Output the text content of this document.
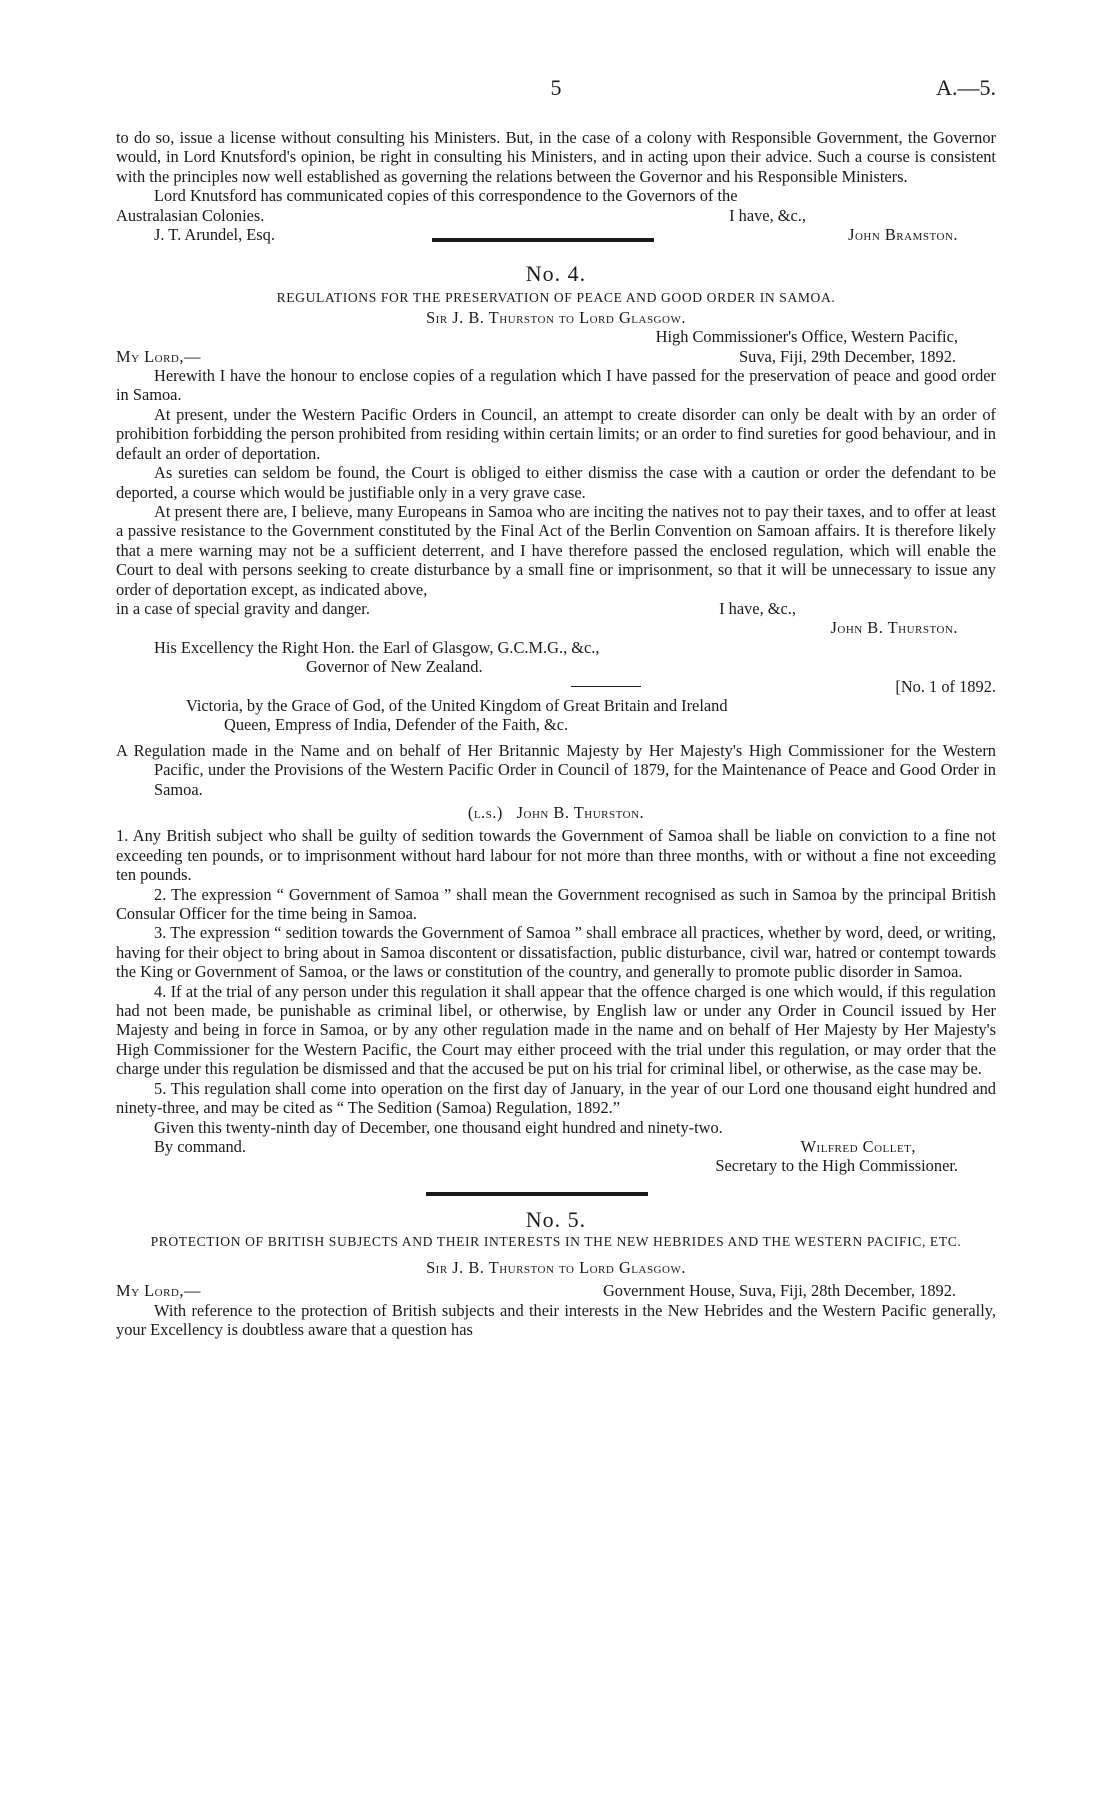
5	A.—5.

to do so, issue a license without consulting his Ministers. But, in the case of a colony with Responsible Government, the Governor would, in Lord Knutsford's opinion, be right in consulting his Ministers, and in acting upon their advice. Such a course is consistent with the principles now well established as governing the relations between the Governor and his Responsible Ministers.

Lord Knutsford has communicated copies of this correspondence to the Governors of the
Australasian Colonies.	I have, &c.,
J. T. Arundel, Esq.	John Bramston.
No. 4.

REGULATIONS FOR THE PRESERVATION OF PEACE AND GOOD ORDER IN SAMOA.

Sir J. B. Thurston to Lord Glasgow.

High Commissioner's Office, Western Pacific,

My Lord,—	Suva, Fiji, 29th December, 1892.

Herewith I have the honour to enclose copies of a regulation which I have passed for the preservation of peace and good order in Samoa.

At present, under the Western Pacific Orders in Council, an attempt to create disorder can only be dealt with by an order of prohibition forbidding the person prohibited from residing within certain limits; or an order to find sureties for good behaviour, and in default an order of deportation.

As sureties can seldom be found, the Court is obliged to either dismiss the case with a caution or order the defendant to be deported, a course which would be justifiable only in a very grave case.

At present there are, I believe, many Europeans in Samoa who are inciting the natives not to pay their taxes, and to offer at least a passive resistance to the Government constituted by the Final Act of the Berlin Convention on Samoan affairs. It is therefore likely that a mere warning may not be a sufficient deterrent, and I have therefore passed the enclosed regulation, which will enable the Court to deal with persons seeking to create disturbance by a small fine or imprisonment, so that it will be unnecessary to issue any order of deportation except, as indicated above,

in a case of special gravity and danger.	I have, &c.,

John B. Thurston.

His Excellency the Right Hon. the Earl of Glasgow, G.C.M.G., &c.,

Governor of New Zealand.

[No. 1 of 1892.

Victoria, by the Grace of God, of the United Kingdom of Great Britain and Ireland

Queen, Empress of India, Defender of the Faith, &c.

A Regulation made in the Name and on behalf of Her Britannic Majesty by Her Majesty's High Commissioner for the Western Pacific, under the Provisions of the Western Pacific Order in Council of 1879, for the Maintenance of Peace and Good Order in Samoa.

(l.s.)   John B. Thurston.

1. Any British subject who shall be guilty of sedition towards the Government of Samoa shall be liable on conviction to a fine not exceeding ten pounds, or to imprisonment without hard labour for not more than three months, with or without a fine not exceeding ten pounds.

2. The expression “ Government of Samoa ” shall mean the Government recognised as such in Samoa by the principal British Consular Officer for the time being in Samoa.

3. The expression “ sedition towards the Government of Samoa ” shall embrace all practices, whether by word, deed, or writing, having for their object to bring about in Samoa discontent or dissatisfaction, public disturbance, civil war, hatred or contempt towards the King or Government of Samoa, or the laws or constitution of the country, and generally to promote public disorder in Samoa.

4. If at the trial of any person under this regulation it shall appear that the offence charged is one which would, if this regulation had not been made, be punishable as criminal libel, or otherwise, by English law or under any Order in Council issued by Her Majesty and being in force in Samoa, or by any other regulation made in the name and on behalf of Her Majesty by Her Majesty's High Commissioner for the Western Pacific, the Court may either proceed with the trial under this regulation, or may order that the charge under this regulation be dismissed and that the accused be put on his trial for criminal libel, or otherwise, as the case may be.

5. This regulation shall come into operation on the first day of January, in the year of our Lord one thousand eight hundred and ninety-three, and may be cited as “ The Sedition (Samoa) Regulation, 1892.”

Given this twenty-ninth day of December, one thousand eight hundred and ninety-two.

By command.	Wilfred Collet,

Secretary to the High Commissioner.

No. 5.

PROTECTION OF BRITISH SUBJECTS AND THEIR INTERESTS IN THE NEW HEBRIDES AND THE WESTERN PACIFIC, ETC.

Sir J. B. Thurston to Lord Glasgow.

My Lord,—	Government House, Suva, Fiji, 28th December, 1892.

With reference to the protection of British subjects and their interests in the New Hebrides and the Western Pacific generally, your Excellency is doubtless aware that a question has
